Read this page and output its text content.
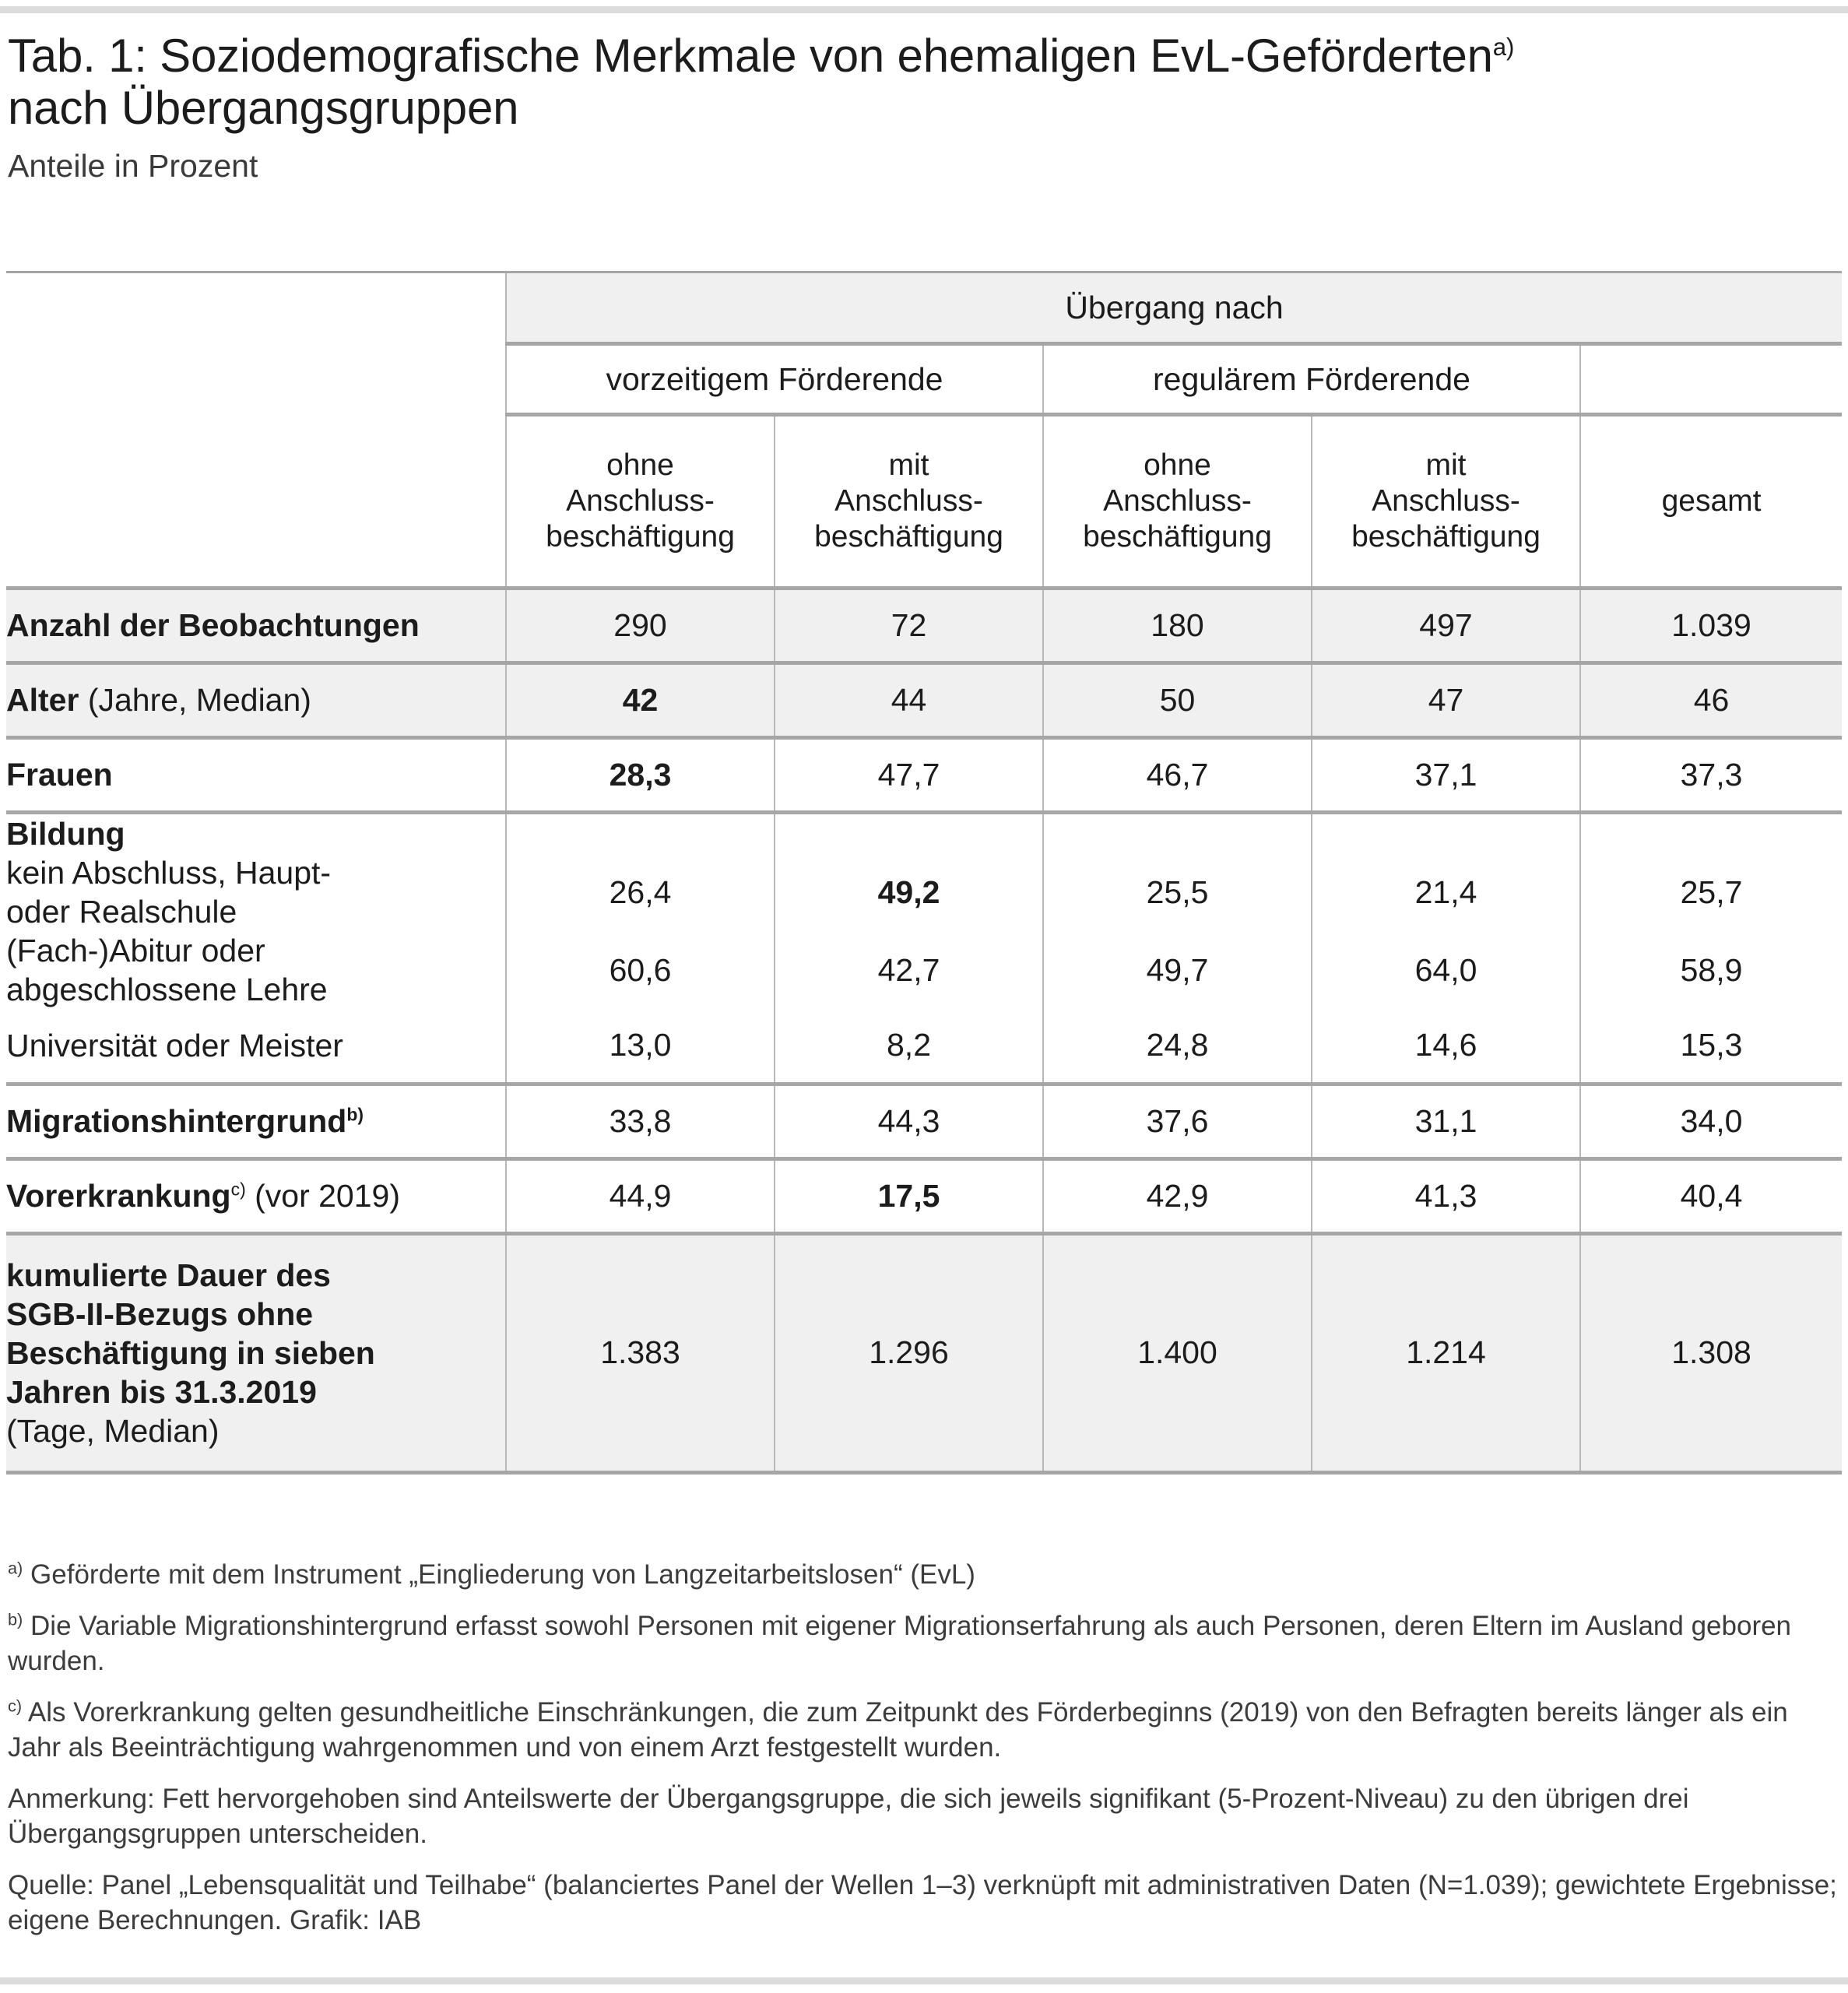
Tab. 1: Soziodemografische Merkmale von ehemaligen EvL-Geförderten$^{a)}$
nach Übergangsgruppen
Anteile in Prozent
	Übergang nach				
	vorzeitigem Förderende		regulärem Förderende		
	ohne
Anschluss-
beschäftigung	mit
Anschluss-
beschäftigung	ohne
Anschluss-
beschäftigung	mit
Anschluss-
beschäftigung	gesamt
Anzahl der Beobachtungen	290	72	180	497	1.039
Alter (Jahre, Median)	42	44	50	47	46
Frauen	28,3	47,7	46,7	37,1	37,3
Bildung					
kein Abschluss, Haupt-
oder Realschule	26,4	49,2	25,5	21,4	25,7
(Fach-)Abitur oder
abgeschlossene Lehre	60,6	42,7	49,7	64,0	58,9
Universität oder Meister	13,0	8,2	24,8	14,6	15,3
Migrationshintergrund$^{b)}$	33,8	44,3	37,6	31,1	34,0
Vorerkrankung$^{c)}$ (vor 2019)	44,9	17,5	42,9	41,3	40,4
kumulierte Dauer des
SGB-II-Bezugs ohne
Beschäftigung in sieben
Jahren bis 31.3.2019
(Tage, Median)	1.383	1.296	1.400	1.214	1.308

$^{a)}$ Geförderte mit dem Instrument „Eingliederung von Langzeitarbeitslosen“ (EvL)

$^{b)}$ Die Variable Migrationshintergrund erfasst sowohl Personen mit eigener Migrationserfahrung als auch Personen, deren Eltern im Ausland geboren wurden.

$^{c)}$ Als Vorerkrankung gelten gesundheitliche Einschränkungen, die zum Zeitpunkt des Förderbeginns (2019) von den Befragten bereits länger als ein Jahr als Beeinträchtigung wahrgenommen und von einem Arzt festgestellt wurden.

Anmerkung: Fett hervorgehoben sind Anteilswerte der Übergangsgruppe, die sich jeweils signifikant (5-Prozent-Niveau) zu den übrigen drei Übergangsgruppen unterscheiden.

Quelle: Panel „Lebensqualität und Teilhabe“ (balanciertes Panel der Wellen 1–3) verknüpft mit administrativen Daten (N=1.039); gewichtete Ergebnisse; eigene Berechnungen. Grafik: IAB
